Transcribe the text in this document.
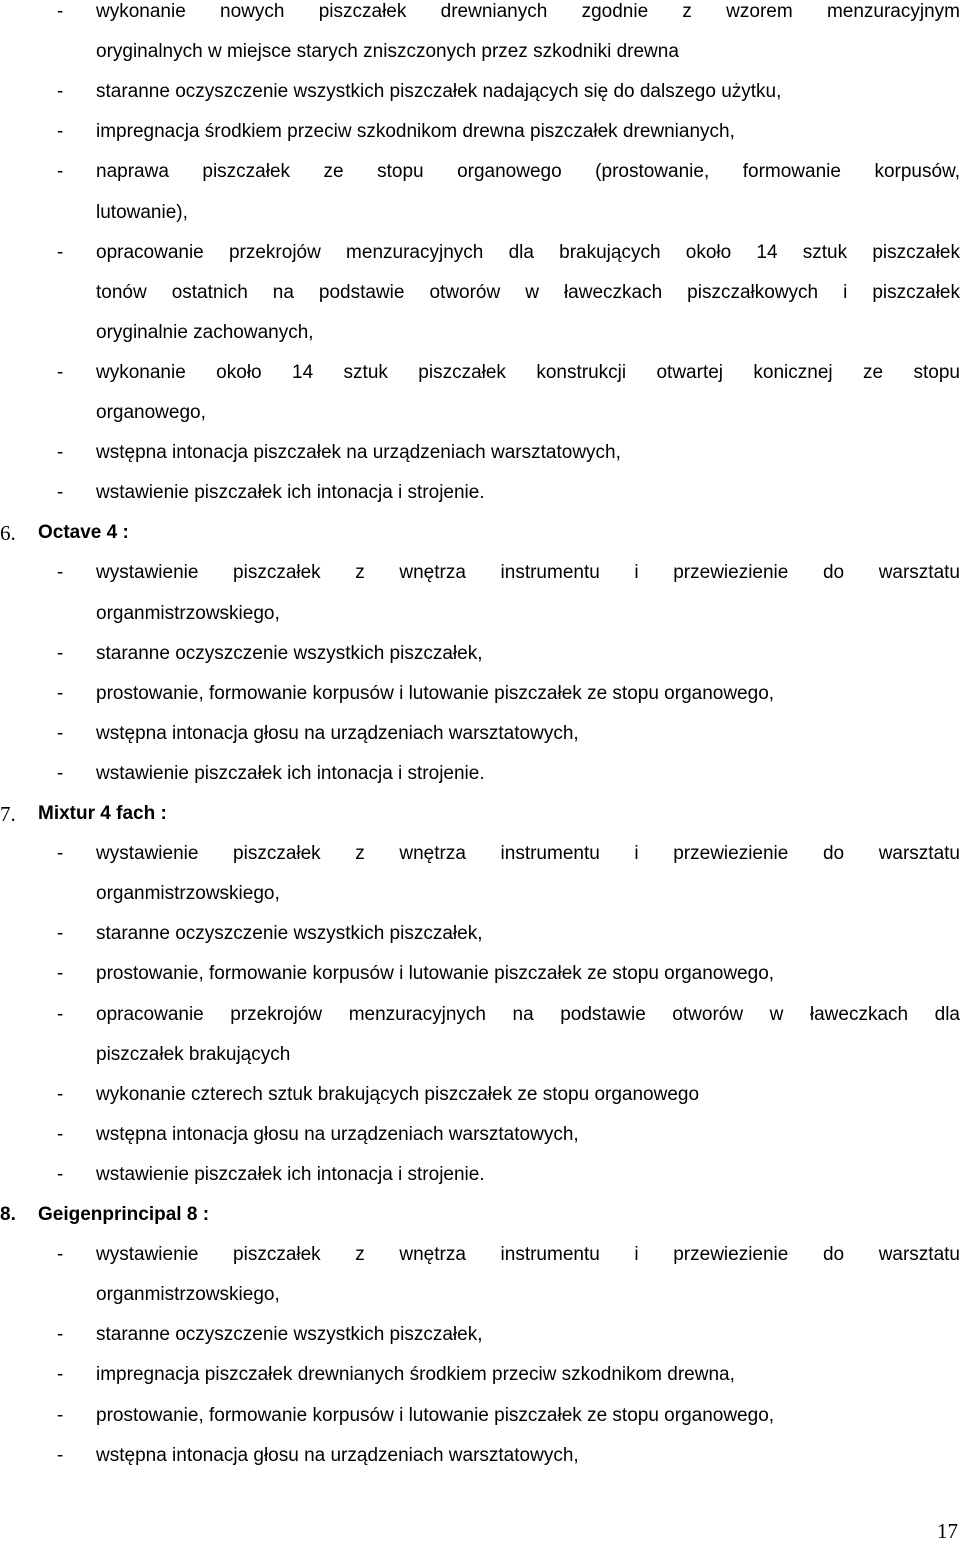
- wykonanie nowych piszczałek drewnianych zgodnie z wzorem menzuracyjnym
oryginalnych w miejsce starych zniszczonych przez szkodniki drewna
- staranne oczyszczenie wszystkich piszczałek nadających się do dalszego użytku,
- impregnacja środkiem przeciw szkodnikom drewna piszczałek drewnianych,
- naprawa piszczałek ze stopu organowego (prostowanie, formowanie korpusów,
lutowanie),
- opracowanie przekrojów menzuracyjnych dla brakujących około 14 sztuk piszczałek
tonów ostatnich na podstawie otworów w ławeczkach piszczałkowych i piszczałek
oryginalnie zachowanych,
- wykonanie około 14 sztuk piszczałek konstrukcji otwartej konicznej ze stopu
organowego,
- wstępna intonacja piszczałek na urządzeniach warsztatowych,
- wstawienie piszczałek ich intonacja i strojenie.
6. Octave 4 :
- wystawienie piszczałek z wnętrza instrumentu i przewiezienie do warsztatu
organmistrzowskiego,
- staranne oczyszczenie wszystkich piszczałek,
- prostowanie, formowanie korpusów i lutowanie piszczałek ze stopu organowego,
- wstępna intonacja głosu na urządzeniach warsztatowych,
- wstawienie piszczałek ich intonacja i strojenie.
7. Mixtur 4 fach :
- wystawienie piszczałek z wnętrza instrumentu i przewiezienie do warsztatu
organmistrzowskiego,
- staranne oczyszczenie wszystkich piszczałek,
- prostowanie, formowanie korpusów i lutowanie piszczałek ze stopu organowego,
- opracowanie przekrojów menzuracyjnych na podstawie otworów w ławeczkach dla
piszczałek brakujących
- wykonanie czterech sztuk brakujących piszczałek ze stopu organowego
- wstępna intonacja głosu na urządzeniach warsztatowych,
- wstawienie piszczałek ich intonacja i strojenie.
8. Geigenprincipal 8 :
- wystawienie piszczałek z wnętrza instrumentu i przewiezienie do warsztatu
organmistrzowskiego,
- staranne oczyszczenie wszystkich piszczałek,
- impregnacja piszczałek drewnianych środkiem przeciw szkodnikom drewna,
- prostowanie, formowanie korpusów i lutowanie piszczałek ze stopu organowego,
- wstępna intonacja głosu na urządzeniach warsztatowych,
17
